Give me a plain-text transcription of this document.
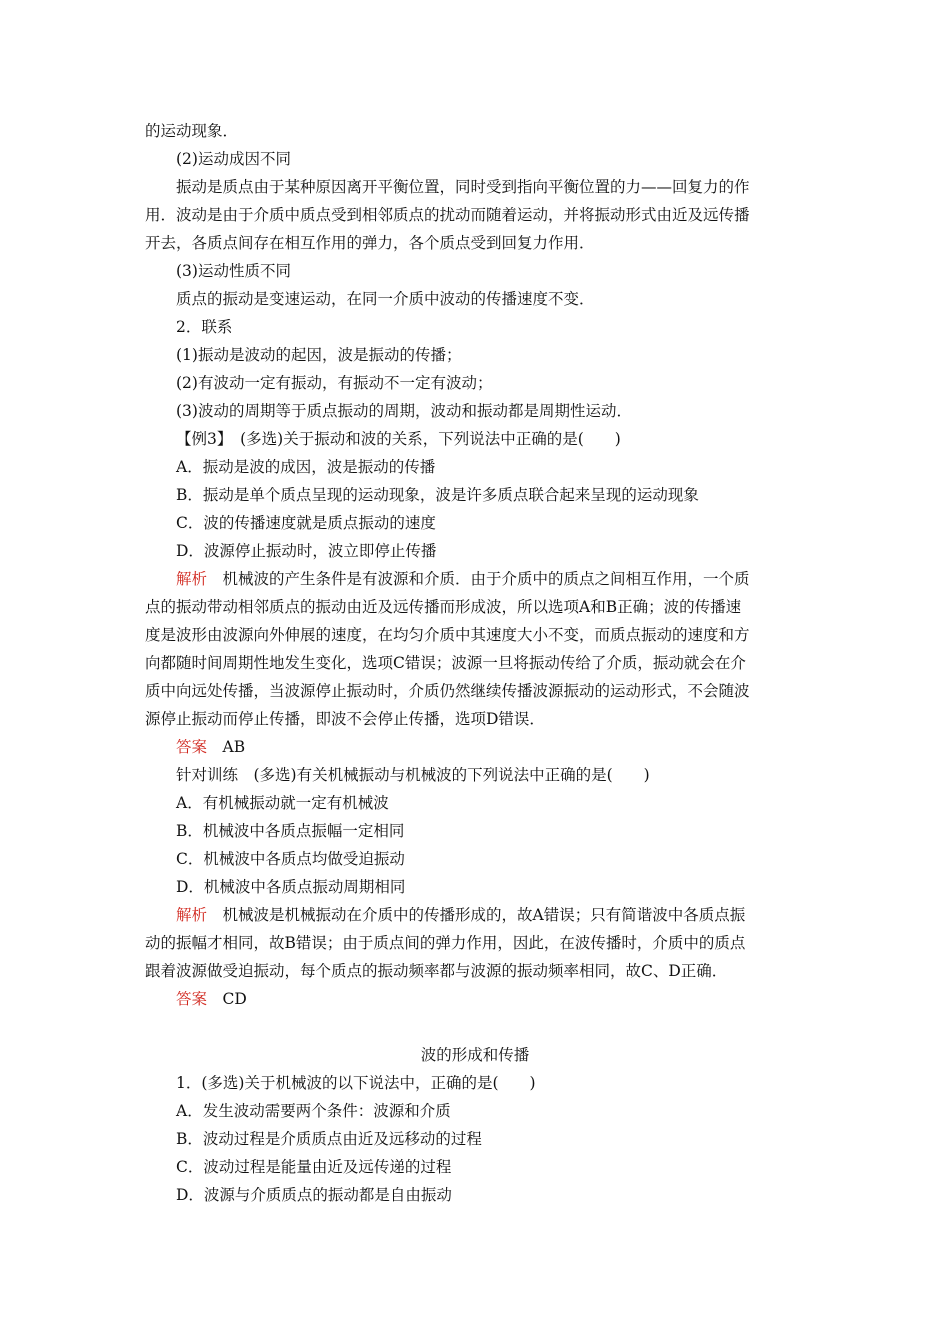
的运动现象．
(2)运动成因不同
振动是质点由于某种原因离开平衡位置，同时受到指向平衡位置的力——回复力的作
用．波动是由于介质中质点受到相邻质点的扰动而随着运动，并将振动形式由近及远传播
开去，各质点间存在相互作用的弹力，各个质点受到回复力作用．
(3)运动性质不同
质点的振动是变速运动，在同一介质中波动的传播速度不变．
2．联系
(1)振动是波动的起因，波是振动的传播；
(2)有波动一定有振动，有振动不一定有波动；
(3)波动的周期等于质点振动的周期，波动和振动都是周期性运动．
【例3】　(多选)关于振动和波的关系，下列说法中正确的是(　　)
A．振动是波的成因，波是振动的传播
B．振动是单个质点呈现的运动现象，波是许多质点联合起来呈现的运动现象
C．波的传播速度就是质点振动的速度
D．波源停止振动时，波立即停止传播
解析　机械波的产生条件是有波源和介质．由于介质中的质点之间相互作用，一个质
点的振动带动相邻质点的振动由近及远传播而形成波，所以选项A和B正确；波的传播速
度是波形由波源向外伸展的速度，在均匀介质中其速度大小不变，而质点振动的速度和方
向都随时间周期性地发生变化，选项C错误；波源一旦将振动传给了介质，振动就会在介
质中向远处传播，当波源停止振动时，介质仍然继续传播波源振动的运动形式，不会随波
源停止振动而停止传播，即波不会停止传播，选项D错误．
答案　AB
针对训练　(多选)有关机械振动与机械波的下列说法中正确的是(　　)
A．有机械振动就一定有机械波
B．机械波中各质点振幅一定相同
C．机械波中各质点均做受迫振动
D．机械波中各质点振动周期相同
解析　机械波是机械振动在介质中的传播形成的，故A错误；只有简谐波中各质点振
动的振幅才相同，故B错误；由于质点间的弹力作用，因此，在波传播时，介质中的质点
跟着波源做受迫振动，每个质点的振动频率都与波源的振动频率相同，故C、D正确．
答案　CD
波的形成和传播
1．(多选)关于机械波的以下说法中，正确的是(　　)
A．发生波动需要两个条件：波源和介质
B．波动过程是介质质点由近及远移动的过程
C．波动过程是能量由近及远传递的过程
D．波源与介质质点的振动都是自由振动
